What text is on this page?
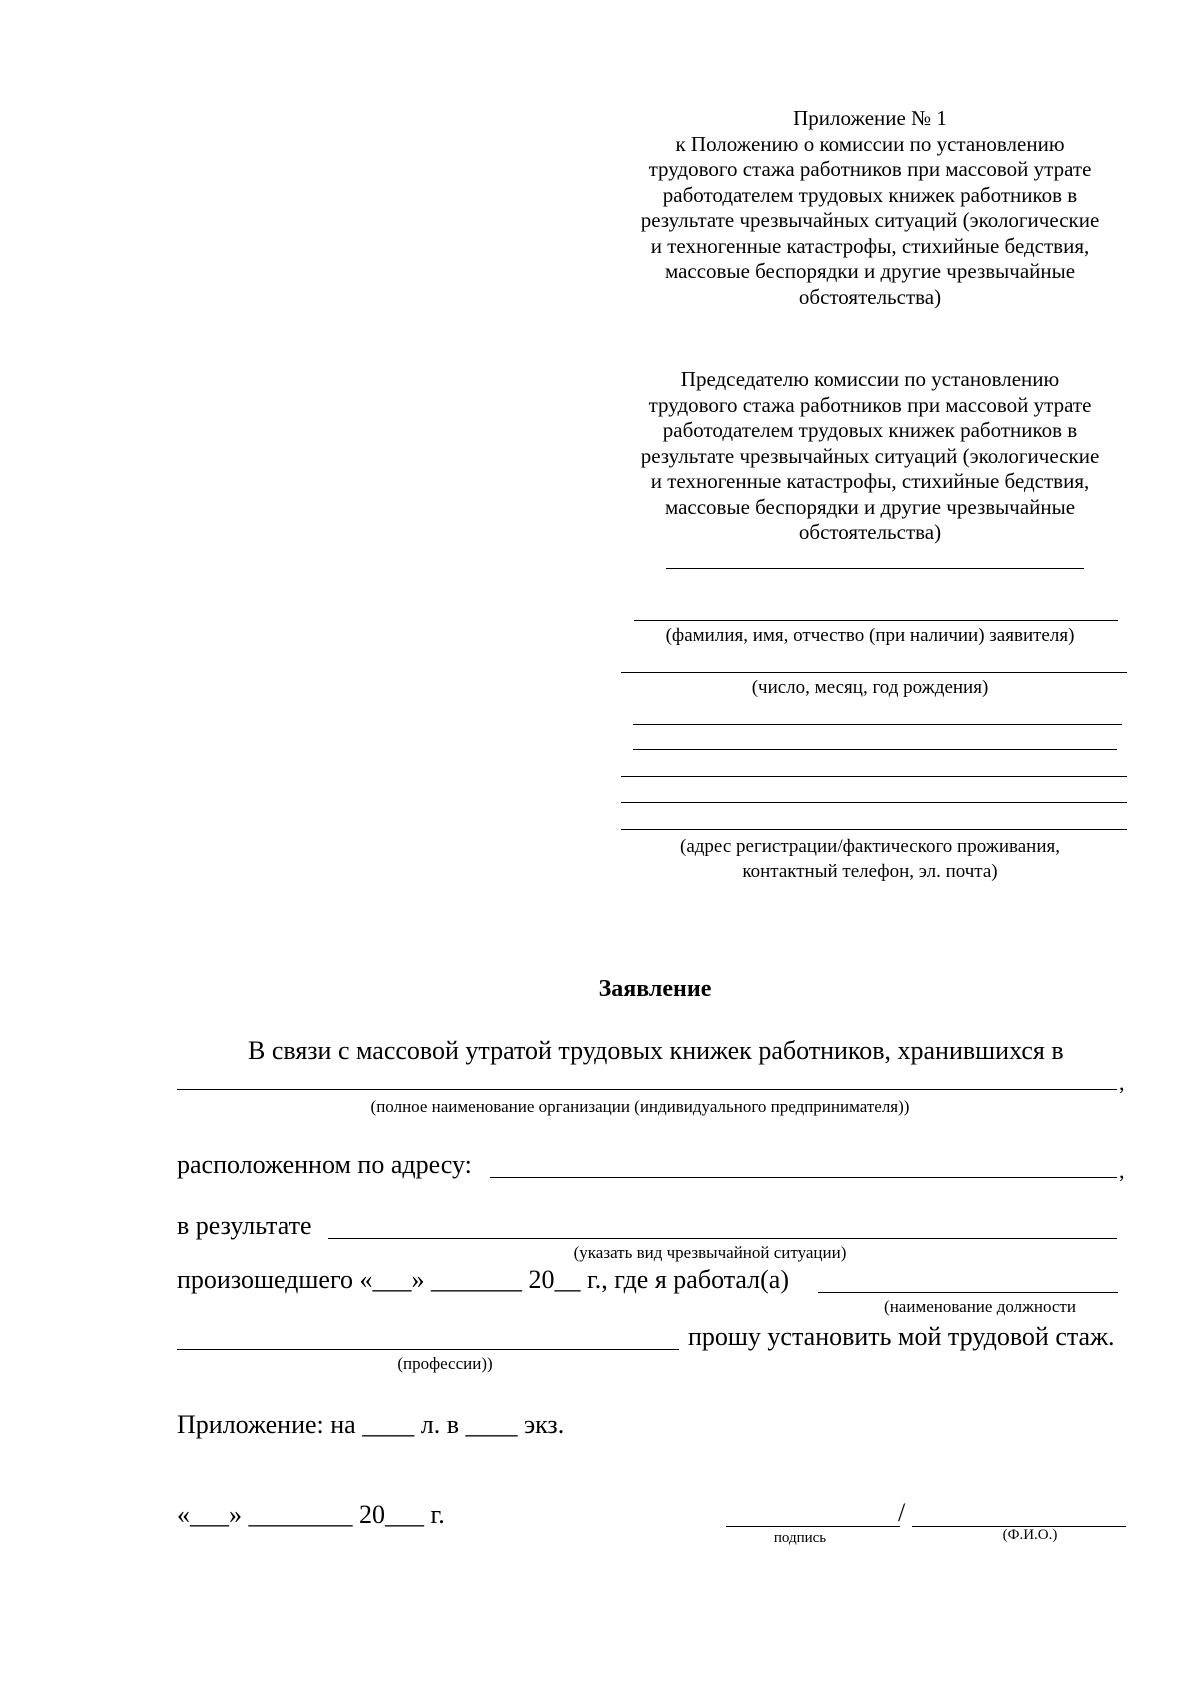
Приложение № 1
к Положению о комиссии по установлению
трудового стажа работников при массовой утрате
работодателем трудовых книжек работников в
результате чрезвычайных ситуаций (экологические
и техногенные катастрофы, стихийные бедствия,
массовые беспорядки и другие чрезвычайные
обстоятельства)
Председателю комиссии по установлению
трудового стажа работников при массовой утрате
работодателем трудовых книжек работников в
результате чрезвычайных ситуаций (экологические
и техногенные катастрофы, стихийные бедствия,
массовые беспорядки и другие чрезвычайные
обстоятельства)
(фамилия, имя, отчество (при наличии) заявителя)
(число, месяц, год рождения)
(адрес регистрации/фактического проживания,
контактный телефон, эл. почта)
Заявление
В связи с массовой утратой трудовых книжек работников, хранившихся в
,
(полное наименование организации (индивидуального предпринимателя))
расположенном по адресу:	,
в результате
(указать вид чрезвычайной ситуации)
произошедшего «___» _______ 20__ г., где я работал(а)
(наименование должности
прошу установить мой трудовой стаж.
(профессии))
Приложение: на ____ л. в ____ экз.
«___» ________ 20___ г.	/
подпись	(Ф.И.О.)
